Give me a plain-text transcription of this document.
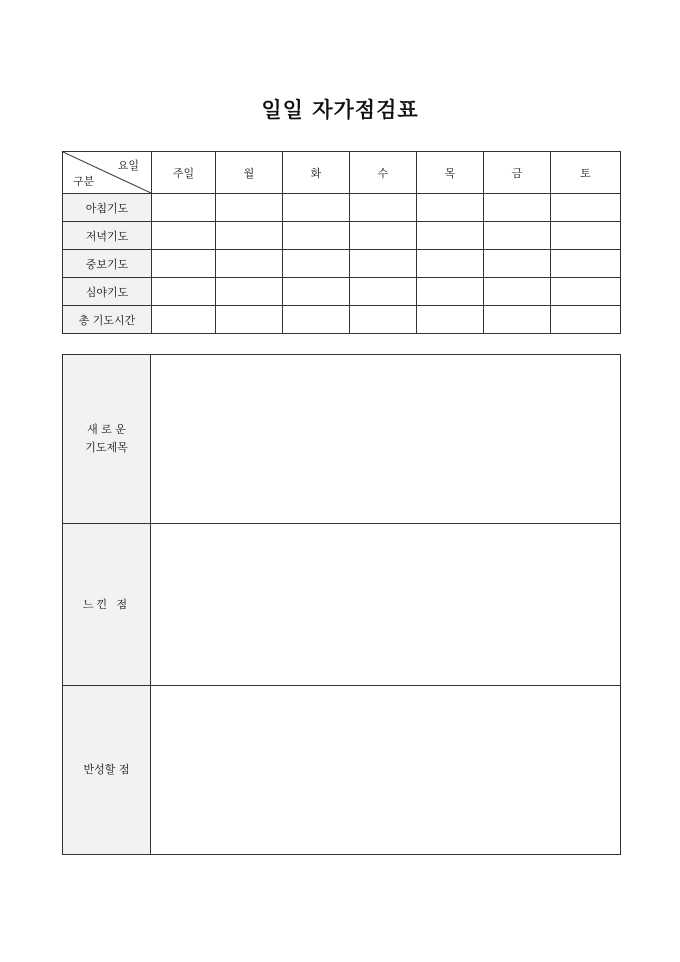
일일 자가점검표
요일
구분	주일	월	화	수	목	금	토
아침기도							
저녁기도							
중보기도							
심야기도							
총 기도시간							
새 로 운
기도제목	

느낀 점	
반성할 점	
